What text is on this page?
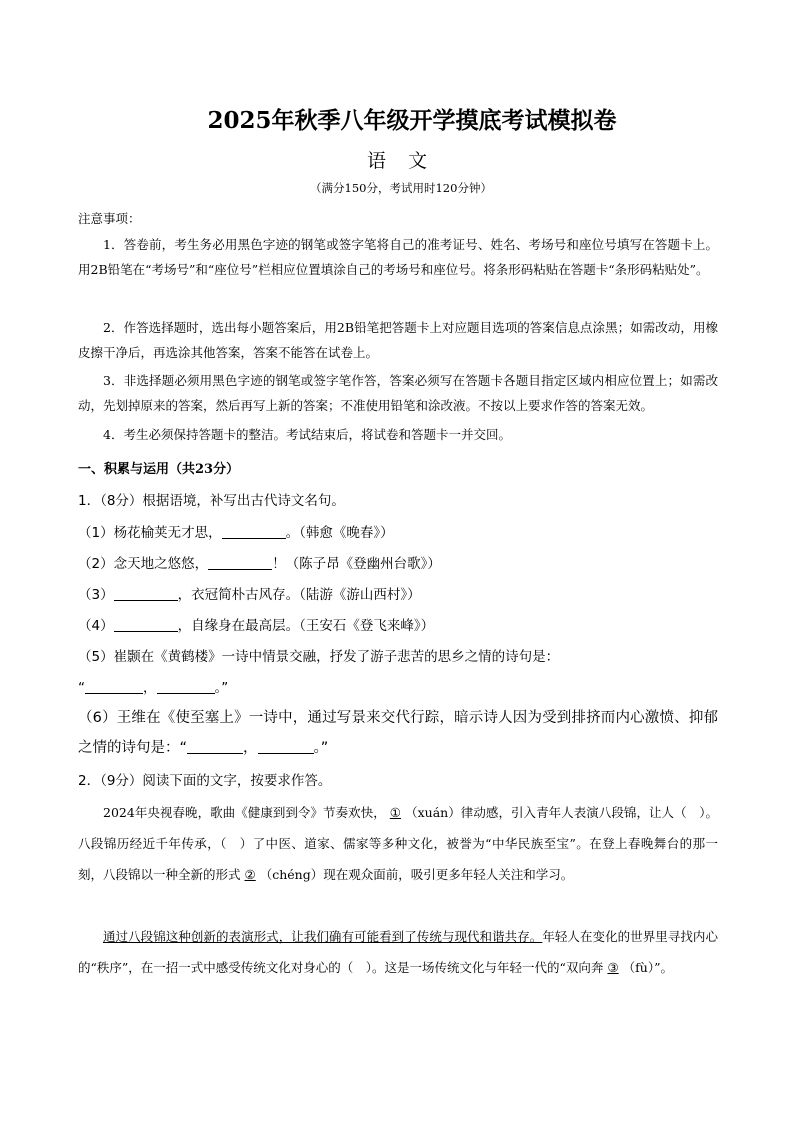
2025年秋季八年级开学摸底考试模拟卷
语文
（满分150分，考试用时120分钟）
注意事项：
1．答卷前，考生务必用黑色字迹的钢笔或签字笔将自己的准考证号、姓名、考场号和座位号填写在答题卡上。用2B铅笔在“考场号”和“座位号”栏相应位置填涂自己的考场号和座位号。将条形码粘贴在答题卡“条形码粘贴处”。
2．作答选择题时，选出每小题答案后，用2B铅笔把答题卡上对应题目选项的答案信息点涂黑；如需改动，用橡皮擦干净后，再选涂其他答案，答案不能答在试卷上。
3．非选择题必须用黑色字迹的钢笔或签字笔作答，答案必须写在答题卡各题目指定区域内相应位置上；如需改动，先划掉原来的答案，然后再写上新的答案；不准使用铅笔和涂改液。不按以上要求作答的答案无效。
4．考生必须保持答题卡的整洁。考试结束后，将试卷和答题卡一并交回。
一、积累与运用（共23分）
1．（8分）根据语境，补写出古代诗文名句。
（1）杨花榆荚无才思，	。（韩愈《晚春》）
（2）念天地之悠悠，	！（陈子昂《登幽州台歌》）
（3）	，衣冠简朴古风存。（陆游《游山西村》）
（4）	，自缘身在最高层。（王安石《登飞来峰》）
（5）崔颢在《黄鹤楼》一诗中情景交融，抒发了游子悲苦的思乡之情的诗句是：
“	，	。”
（6）王维在《使至塞上》一诗中，通过写景来交代行踪，暗示诗人因为受到排挤而内心激愤、抑郁之情的诗句是：“	，	。”
2．（9分）阅读下面的文字，按要求作答。
2024年央视春晚，歌曲《健康到到令》节奏欢快， ① （xuán）律动感，引入青年人表演八段锦，让人（　）。八段锦历经近千年传承，（　）了中医、道家、儒家等多种文化，被誉为“中华民族至宝”。在登上春晚舞台的那一刻，八段锦以一种全新的形式 ② （chéng）现在观众面前，吸引更多年轻人关注和学习。
通过八段锦这种创新的表演形式，让我们确有可能看到了传统与现代和谐共存。年轻人在变化的世界里寻找内心的“秩序”，在一招一式中感受传统文化对身心的（　）。这是一场传统文化与年轻一代的“双向奔 ③ （fù）”。
